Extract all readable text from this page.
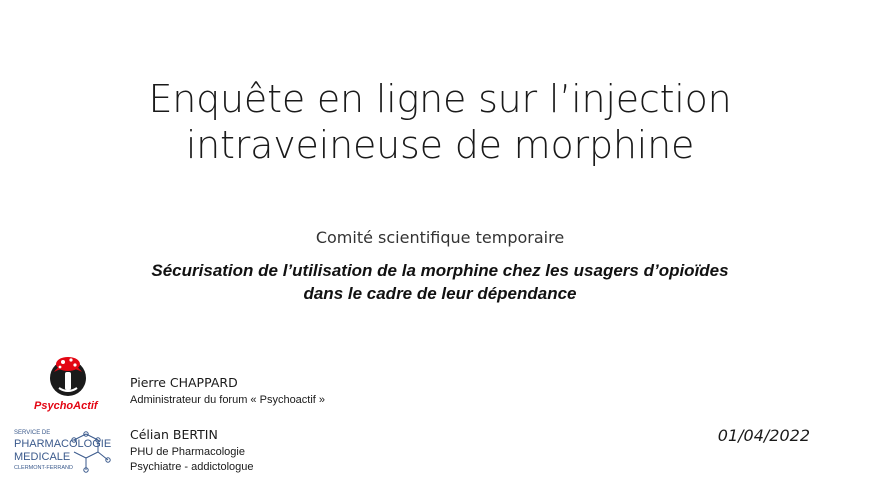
Enquête en ligne sur l’injection
intraveineuse de morphine
Comité scientifique temporaire
Sécurisation de l’utilisation de la morphine chez les usagers d’opioïdes
dans le cadre de leur dépendance
PsychoActif
SERVICE DE
PHARMACOLOGIE
MEDICALE
CLERMONT-FERRAND
Pierre CHAPPARD
Administrateur du forum « Psychoactif »
Célian BERTIN
PHU de Pharmacologie
Psychiatre - addictologue
01/04/2022
